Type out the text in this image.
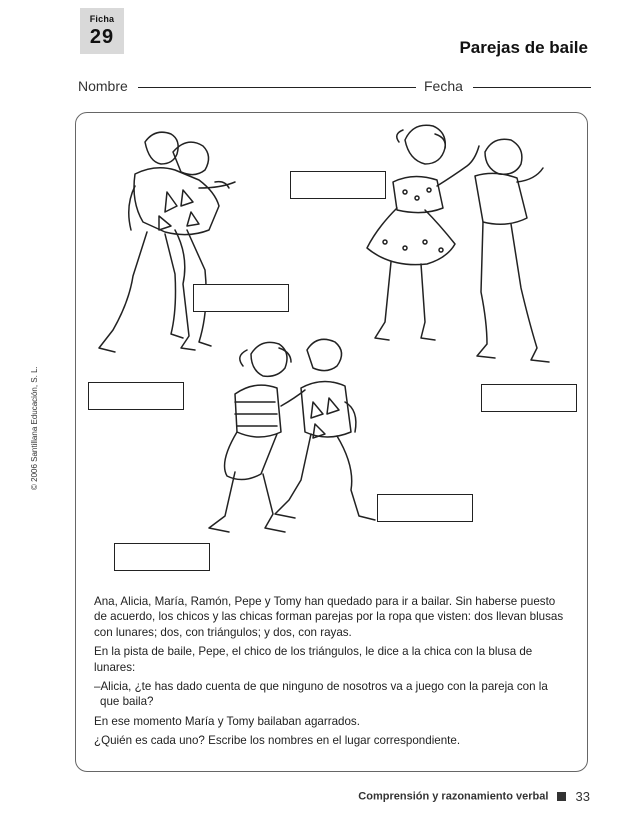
Ficha
29	Parejas de baile
Nombre	Fecha
© 2006 Santillana Educación, S. L.

Ana, Alicia, María, Ramón, Pepe y Tomy han quedado para ir a bailar. Sin haberse puesto de acuerdo, los chicos y las chicas forman parejas por la ropa que visten: dos llevan blusas con lunares; dos, con triángulos; y dos, con rayas.

En la pista de baile, Pepe, el chico de los triángulos, le dice a la chica con la blusa de lunares:

–Alicia, ¿te has dado cuenta de que ninguno de nosotros va a juego con la pareja con la que baila?

En ese momento María y Tomy bailaban agarrados.

¿Quién es cada uno? Escribe los nombres en el lugar correspondiente.

Comprensión y razonamiento verbal 33
